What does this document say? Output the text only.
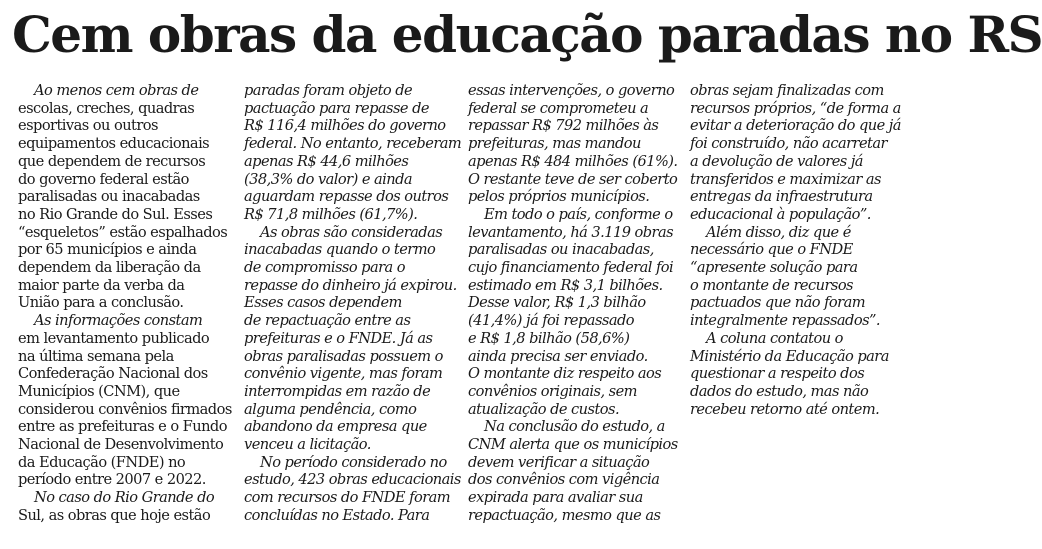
Cem obras da educação paradas no RS
Ao menos cem obras de
escolas, creches, quadras
esportivas ou outros
equipamentos educacionais
que dependem de recursos
do governo federal estão
paralisadas ou inacabadas
no Rio Grande do Sul. Esses
“esqueletos” estão espalhados
por 65 municípios e ainda
dependem da liberação da
maior parte da verba da
União para a conclusão.
As informações constam
em levantamento publicado
na última semana pela
Confederação Nacional dos
Municípios (CNM), que
considerou convênios firmados
entre as prefeituras e o Fundo
Nacional de Desenvolvimento
da Educação (FNDE) no
período entre 2007 e 2022.
No caso do Rio Grande do
Sul, as obras que hoje estão
paradas foram objeto de
pactuação para repasse de
R$ 116,4 milhões do governo
federal. No entanto, receberam
apenas R$ 44,6 milhões
(38,3% do valor) e ainda
aguardam repasse dos outros
R$ 71,8 milhões (61,7%).
As obras são consideradas
inacabadas quando o termo
de compromisso para o
repasse do dinheiro já expirou.
Esses casos dependem
de repactuação entre as
prefeituras e o FNDE. Já as
obras paralisadas possuem o
convênio vigente, mas foram
interrompidas em razão de
alguma pendência, como
abandono da empresa que
venceu a licitação.
No período considerado no
estudo, 423 obras educacionais
com recursos do FNDE foram
concluídas no Estado. Para
essas intervenções, o governo
federal se comprometeu a
repassar R$ 792 milhões às
prefeituras, mas mandou
apenas R$ 484 milhões (61%).
O restante teve de ser coberto
pelos próprios municípios.
Em todo o país, conforme o
levantamento, há 3.119 obras
paralisadas ou inacabadas,
cujo financiamento federal foi
estimado em R$ 3,1 bilhões.
Desse valor, R$ 1,3 bilhão
(41,4%) já foi repassado
e R$ 1,8 bilhão (58,6%)
ainda precisa ser enviado.
O montante diz respeito aos
convênios originais, sem
atualização de custos.
Na conclusão do estudo, a
CNM alerta que os municípios
devem verificar a situação
dos convênios com vigência
expirada para avaliar sua
repactuação, mesmo que as
obras sejam finalizadas com
recursos próprios, “de forma a
evitar a deterioração do que já
foi construído, não acarretar
a devolução de valores já
transferidos e maximizar as
entregas da infraestrutura
educacional à população”.
Além disso, diz que é
necessário que o FNDE
“apresente solução para
o montante de recursos
pactuados que não foram
integralmente repassados”.
A coluna contatou o
Ministério da Educação para
questionar a respeito dos
dados do estudo, mas não
recebeu retorno até ontem.
